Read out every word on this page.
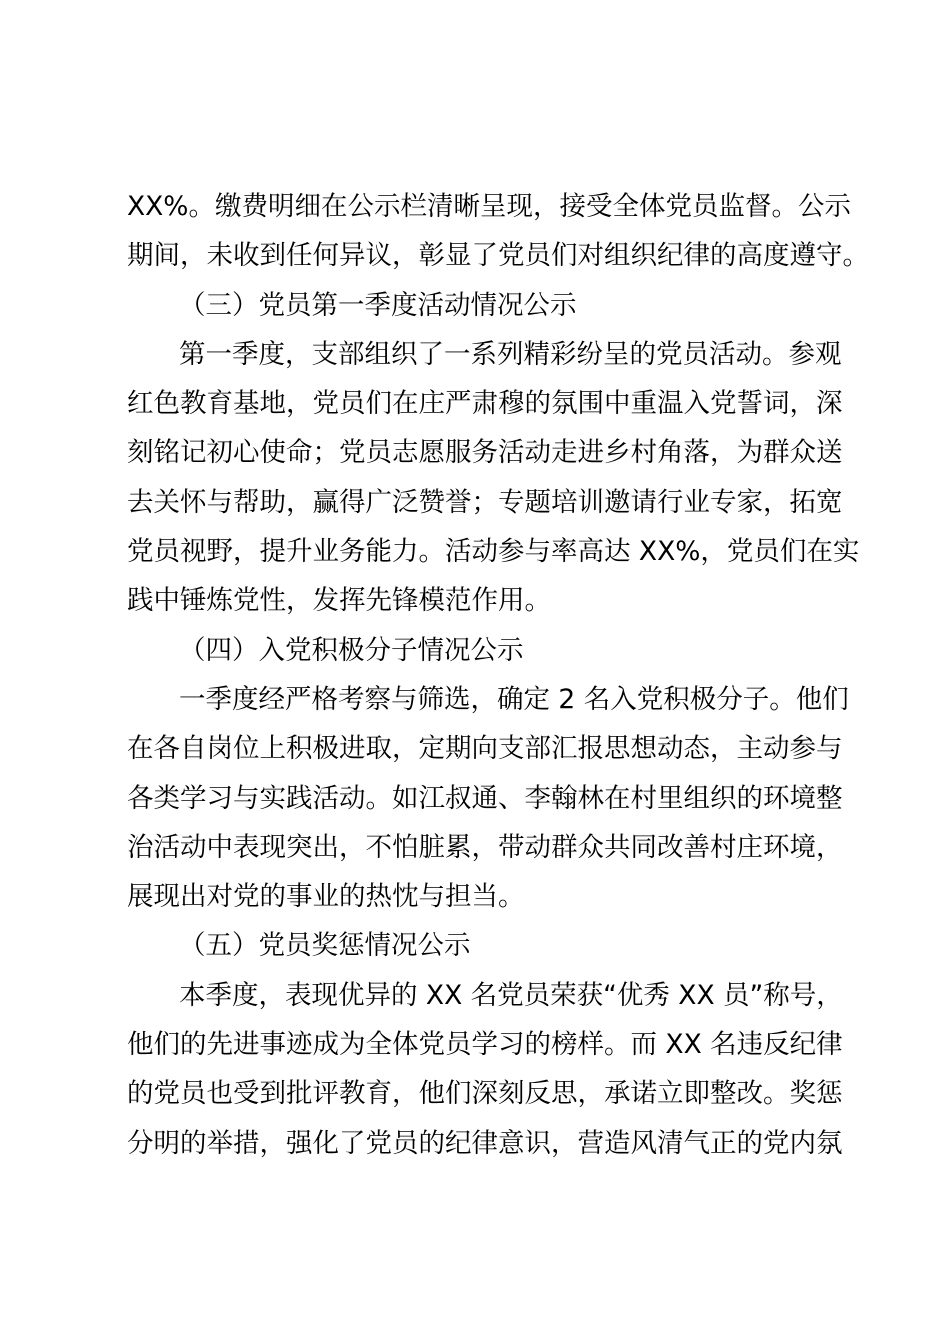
XX%。缴费明细在公示栏清晰呈现，接受全体党员监督。公示
期间，未收到任何异议，彰显了党员们对组织纪律的高度遵守。
（三）党员第一季度活动情况公示
第一季度，支部组织了一系列精彩纷呈的党员活动。参观
红色教育基地，党员们在庄严肃穆的氛围中重温入党誓词，深
刻铭记初心使命；党员志愿服务活动走进乡村角落，为群众送
去关怀与帮助，赢得广泛赞誉；专题培训邀请行业专家，拓宽
党员视野，提升业务能力。活动参与率高达 XX%，党员们在实
践中锤炼党性，发挥先锋模范作用。
（四）入党积极分子情况公示
一季度经严格考察与筛选，确定 2 名入党积极分子。他们
在各自岗位上积极进取，定期向支部汇报思想动态，主动参与
各类学习与实践活动。如江叔通、李翰林在村里组织的环境整
治活动中表现突出，不怕脏累，带动群众共同改善村庄环境，
展现出对党的事业的热忱与担当。
（五）党员奖惩情况公示
本季度，表现优异的 XX 名党员荣获“优秀 XX 员”称号，
他们的先进事迹成为全体党员学习的榜样。而 XX 名违反纪律
的党员也受到批评教育，他们深刻反思，承诺立即整改。奖惩
分明的举措，强化了党员的纪律意识，营造风清气正的党内氛
